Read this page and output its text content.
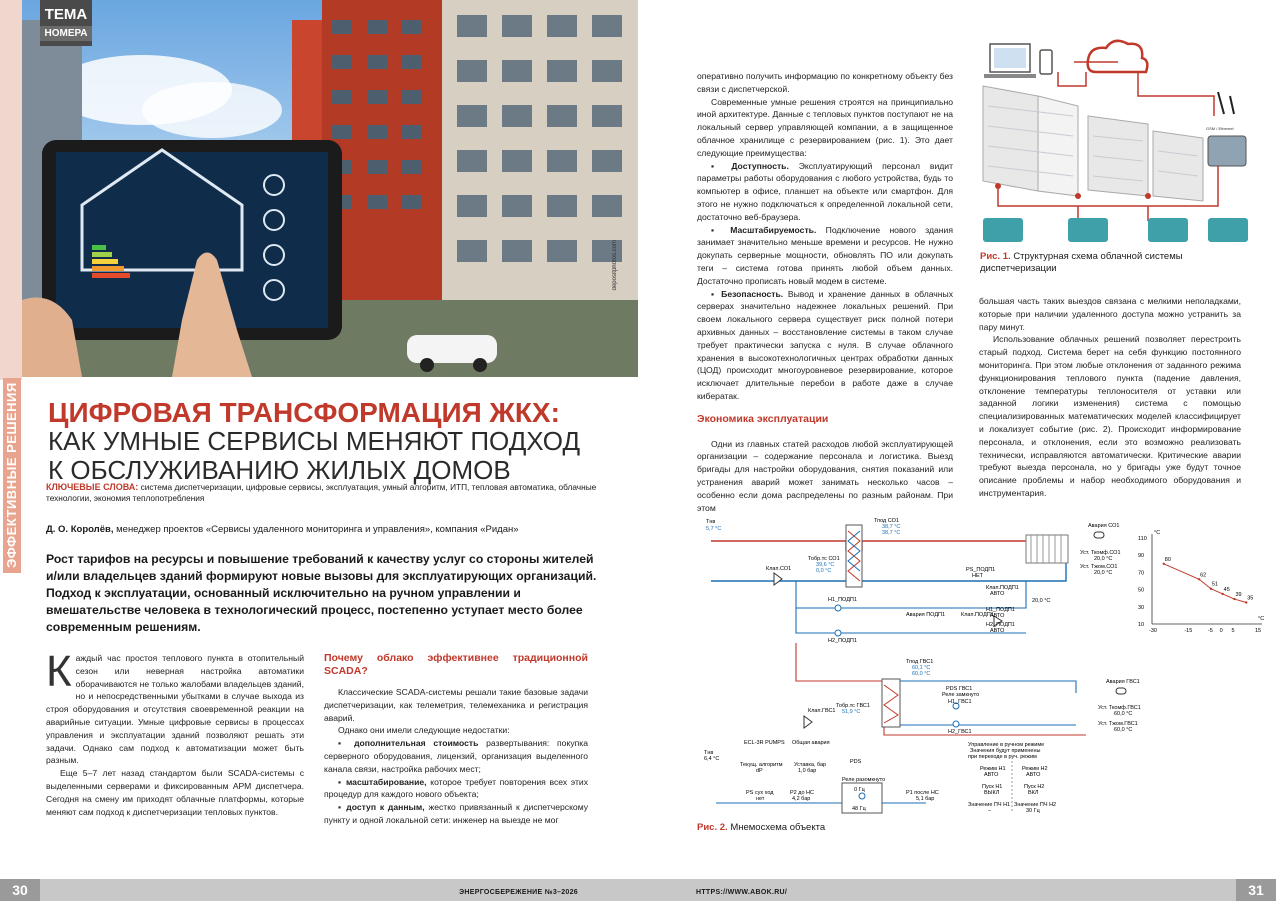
ЭФФЕКТИВНЫЕ РЕШЕНИЯ
depositphotos.com
ТЕМА
НОМЕРА
ЦИФРОВАЯ ТРАНСФОРМАЦИЯ ЖКХ:
КАК УМНЫЕ СЕРВИСЫ МЕНЯЮТ ПОДХОД
К ОБСЛУЖИВАНИЮ ЖИЛЫХ ДОМОВ
КЛЮЧЕВЫЕ СЛОВА: система диспетчеризации, цифровые сервисы, эксплуатация, умный алгоритм, ИТП, тепловая автоматика, облачные технологии, экономия теплопотребления
Д. О. Королёв, менеджер проектов «Сервисы удаленного мониторинга и управления», компания «Ридан»
Рост тарифов на ресурсы и повышение требований к качеству услуг со стороны жителей и/или владельцев зданий формируют новые вызовы для эксплуатирующих организаций. Подход к эксплуатации, основанный исключительно на ручном управлении и вмешательстве человека в технологический процесс, постепенно уступает место более современным решениям.

Каждый час простоя теплового пункта в отопительный сезон или неверная настройка автоматики оборачиваются не только жалобами владельцев зданий, но и непосредственными убытками в случае выхода из строя оборудования и отсутствия своевременной реакции на аварийные ситуации. Умные цифровые сервисы в процессах управления и эксплуатации зданий позволяют решать эти задачи. Однако сам подход к автоматизации может быть разным.

Еще 5–7 лет назад стандартом были SCADA-системы с выделенными серверами и фиксированным АРМ диспетчера. Сегодня на смену им приходят облачные платформы, которые меняют сам подход к диспетчеризации тепловых пунктов.

Почему облако эффективнее традиционной SCADA?

Классические SCADA-системы решали такие базовые задачи диспетчеризации, как телеметрия, телемеханика и регистрация аварий.

Однако они имели следующие недостатки:

▪ дополнительная стоимость развертывания: покупка серверного оборудования, лицензий, организация выделенного канала связи, настройка рабочих мест;

▪ масштабирование, которое требует повторения всех этих процедур для каждого нового объекта;

▪ доступ к данным, жестко привязанный к диспетчерскому пункту и одной локальной сети: инженер на выезде не мог

30	ЭНЕРГОСБЕРЕЖЕНИЕ №3–2026

оперативно получить информацию по конкретному объекту без связи с диспетчерской.

Современные умные решения строятся на принципиально иной архитектуре. Данные с тепловых пунктов поступают не на локальный сервер управляющей компании, а в защищенное облачное хранилище с резервированием (рис. 1). Это дает следующие преимущества:

▪ Доступность. Эксплуатирующий персонал видит параметры работы оборудования с любого устройства, будь то компьютер в офисе, планшет на объекте или смартфон. Для этого не нужно подключаться к определенной локальной сети, достаточно веб-браузера.

▪ Масштабируемость. Подключение нового здания занимает значительно меньше времени и ресурсов. Не нужно докупать серверные мощности, обновлять ПО или докупать теги – система готова принять любой объем данных. Достаточно прописать новый модем в системе.

▪ Безопасность. Вывод и хранение данных в облачных серверах значительно надежнее локальных решений. При своем локального сервера существует риск полной потери архивных данных – восстановление системы в таком случае требует практически запуска с нуля. В случае облачного хранения в высокотехнологичных центрах обработки данных (ЦОД) происходит многоуровневое резервирование, которое исключает длительные перебои в работе даже в случае кибератак.

Экономика эксплуатации

Одни из главных статей расходов любой эксплуатирующей организации – содержание персонала и логистика. Выезд бригады для настройки оборудования, снятия показаний или устранения аварий может занимать несколько часов – особенно если дома распределены по разным районам. При этом

GSM / Ethernet
Рис. 1. Структурная схема облачной системы диспетчеризации

большая часть таких выездов связана с мелкими неполадками, которые при наличии удаленного доступа можно устранить за пару минут.

Использование облачных решений позволяет перестроить старый подход. Система берет на себя функцию постоянного мониторинга. При этом любые отклонения от заданного режима функционирования теплового пункта (падение давления, отклонение температуры теплоносителя от уставки или заданной логики изменения) система с помощью специализированных математических моделей классифицирует и локализует событие (рис. 2). Происходит информирование персонала, и отклонения, если это возможно реализовать технически, исправляются автоматически. Критические аварии требуют выезда персонала, но у бригады уже будут точное описание проблемы и набор необходимого оборудования и инструментария.

Тнв
5,7 °С
Тпод СО1
38,7 °С
38,7 °С
Тобр.тс СО1
39,6 °С
0,0 °С
Клап.СО1	PS_ПОДП1
НЕТ
Авария СО1
Уст. Ткомф.СО1
20,0 °С
Уст. Тжом.СО1
20,0 °С
20,0 °С
Н1_ПОДП1
Н2_ПОДП1
Авария ПОДП1	Клап.ПОДП1
Клап.ПОДП1
АВТО
Н1_ПОДП1
АВТО
Н2_ПОДП1
АВТО
Тпод ГВС1
60,1 °С
60,0 °С
Тобр.тс ГВС1
51,9 °С
Клап.ГВС1
PDS ГВС1
Реле замкнуто
Н1_ГВС1
Н2_ГВС1
Авария ГВС1
Уст. Ткомф.ГВС1
60,0 °С
Уст. Тжом.ГВС1
60,0 °С
Тнв
6,4 °С
ECL-3R PUMPS
Текущ. алгоритм
dP
Общая авария
Уставка, бар
1,0 бар
PDS
Реле разомкнуто
0 Гц
48 Гц
PS сух ход
нет
P2 до НС
4,2 бар
P1 после НС
5,1 бар
Управление в ручном режиме
Значения будут применены
при переходе в руч. режим
Режим Н1
АВТО
Режим Н2
АВТО
Пуск Н1
ВЫКЛ
Пуск Н2
ВКЛ
Значение ПЧ Н1
–
Значение ПЧ Н2
30 Гц
°C
°C
110
90
70
50
30
10
-30	-15	-5 0 5	15
80
62
51
45
39
35
Рис. 2. Мнемосхема объекта
31
HTTPS://WWW.ABOK.RU/
